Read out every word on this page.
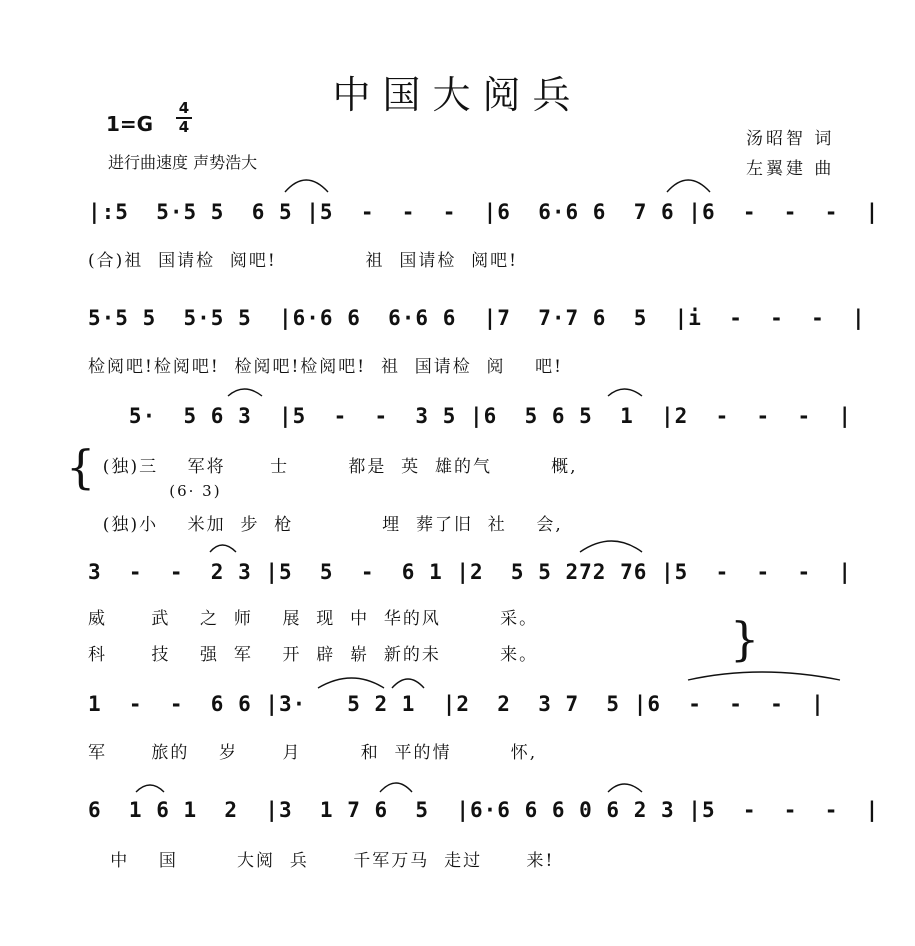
中国大阅兵
1=G
4
4
进行曲速度 声势浩大
汤昭智 词
左翼建 曲
|:5  5·5 5  6 5 |5  -  -  -  |6  6·6 6  7 6 |6  -  -  -  |
(合)祖  国请检  阅吧!            祖  国请检  阅吧!
5·5 5  5·5 5  |6·6 6  6·6 6  |7  7·7 6  5  |i  -  -  -  |
检阅吧!检阅吧!  检阅吧!检阅吧!  祖  国请检  阅    吧!
5·  5 6 3  |5  -  -  3 5 |6  5 6 5  1  |2  -  -  -  |
{
(独)三    军将      士        都是  英  雄的气        概,
(6· 3)
(独)小    米加  步  枪            埋  葬了旧  社    会,
3  -  -  2 3 |5  5  -  6 1 |2  5 5 272 76 |5  -  -  -  |
威      武    之  师    展  现  中  华的风        采。
科      技    强  军    开  辟  崭  新的未        来。	}
1  -  -  6 6 |3·   5 2 1  |2  2  3 7  5 |6  -  -  -  |
军      旅的    岁      月        和  平的情        怀,
6  1 6 1  2  |3  1 7 6  5  |6·6 6 6 0 6 2 3 |5  -  -  -  |
中    国        大阅  兵      千军万马  走过      来!
